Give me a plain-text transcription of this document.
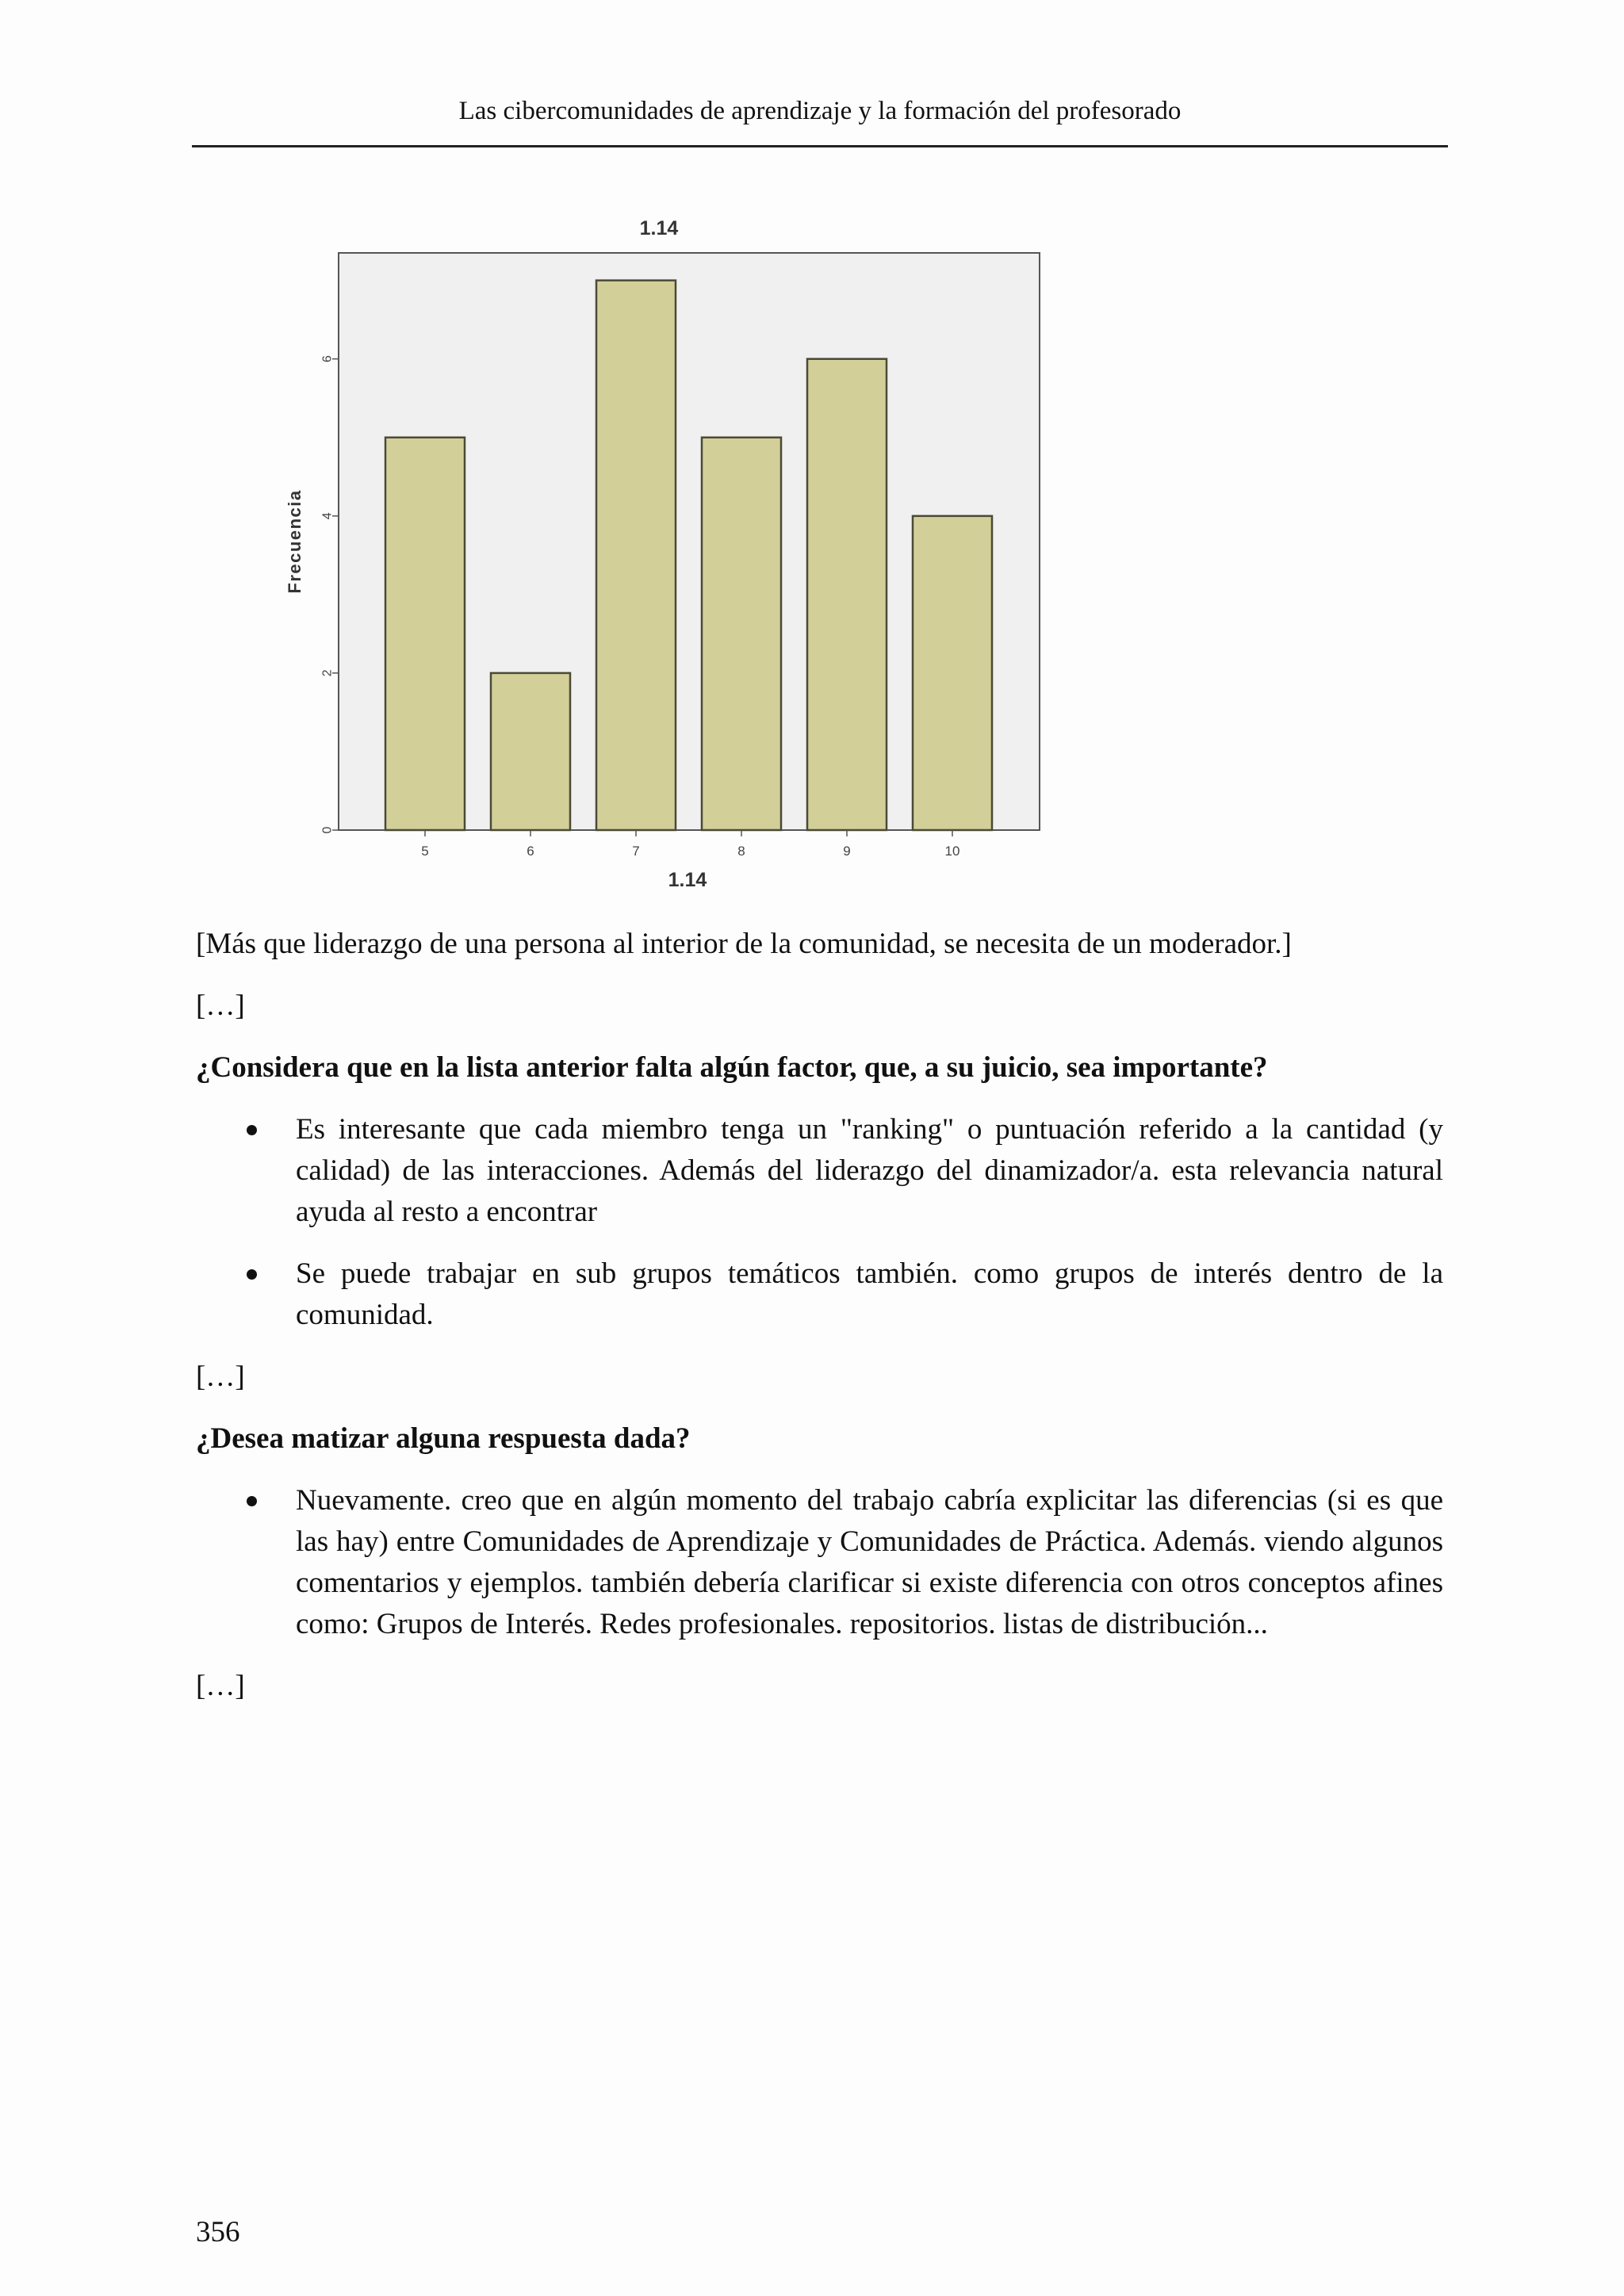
Las cibercomunidades de aprendizaje y la formación del profesorado
1.14
0
2
4
6
5	6	7	8	9	10
1.14
Frecuencia

[Más que liderazgo de una persona al interior de la comunidad, se necesita de un moderador.]

[…]

¿Considera que en la lista anterior falta algún factor, que, a su juicio, sea importante?

Es interesante que cada miembro tenga un "ranking" o puntuación referido a la cantidad (y calidad) de las interacciones. Además del liderazgo del dinamizador/a. esta relevancia natural ayuda al resto a encontrar
Se puede trabajar en sub grupos temáticos también. como grupos de interés dentro de la comunidad.

[…]

¿Desea matizar alguna respuesta dada?

Nuevamente. creo que en algún momento del trabajo cabría explicitar las diferencias (si es que las hay) entre Comunidades de Aprendizaje y Comunidades de Práctica. Además. viendo algunos comentarios y ejemplos. también debería clarificar si existe diferencia con otros conceptos afines como: Grupos de Interés. Redes profesionales. repositorios. listas de distribución...

[…]

356
